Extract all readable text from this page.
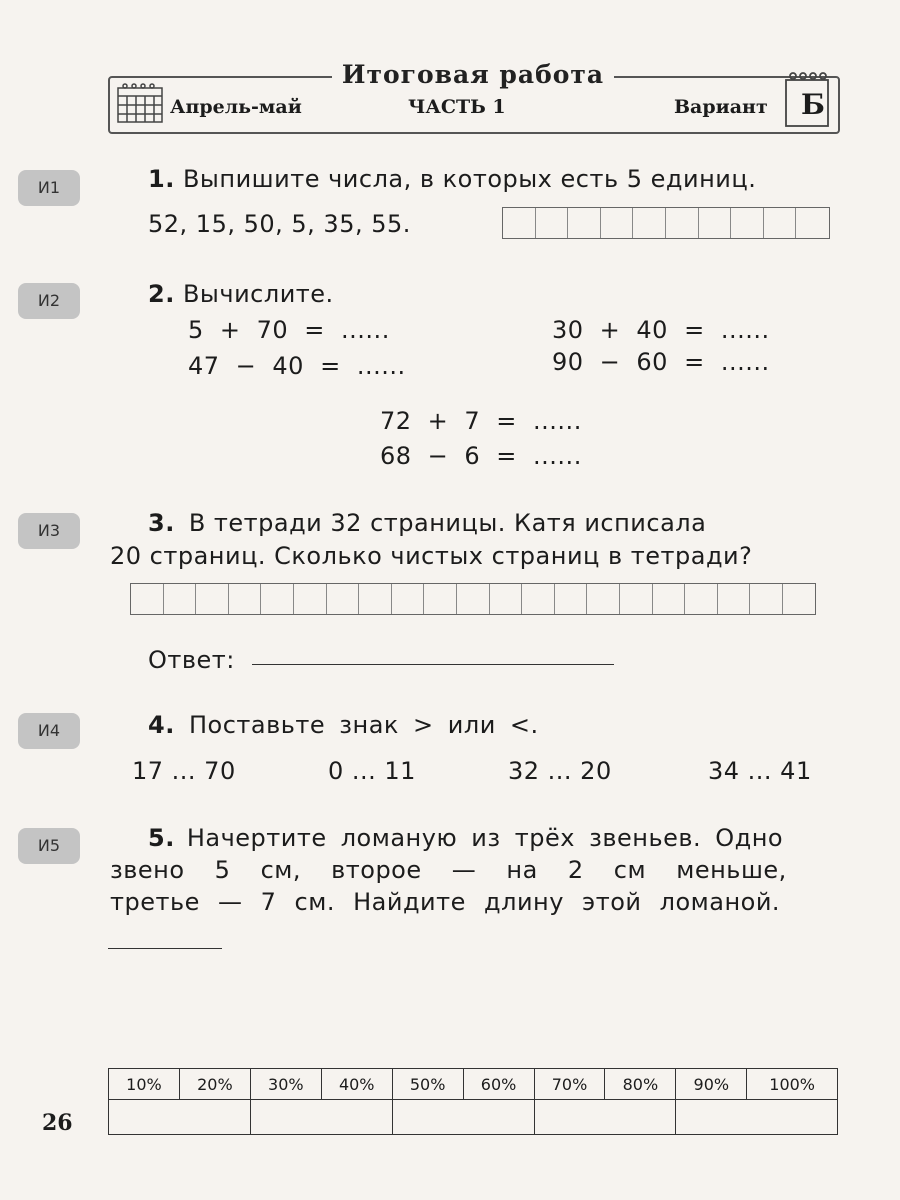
Итоговая работа
Апрель-май	ЧАСТЬ 1	Вариант Б
И1	1. Выпишите числа, в которых есть 5 единиц.
52, 15, 50, 5, 35, 55.
И2	2. Вычислите.
5 + 70 = ......
47 − 40 = ......
30 + 40 = ......
90 − 60 = ......
72 + 7 = ......
68 − 6 = ......
И3	3. В тетради 32 страницы. Катя исписала
20 страниц. Сколько чистых страниц в тетради?
Ответ:
И4	4. Поставьте знак > или <.
17 ... 70	0 ... 11	32 ... 20	34 ... 41
И5	5. Начертите ломаную из трёх звеньев. Одно
звено 5 см, второе — на 2 см меньше,
третье — 7 см. Найдите длину этой ломаной.
10%	20%	30%	40%	50%	60%	70%	80%	90%	100%

26
